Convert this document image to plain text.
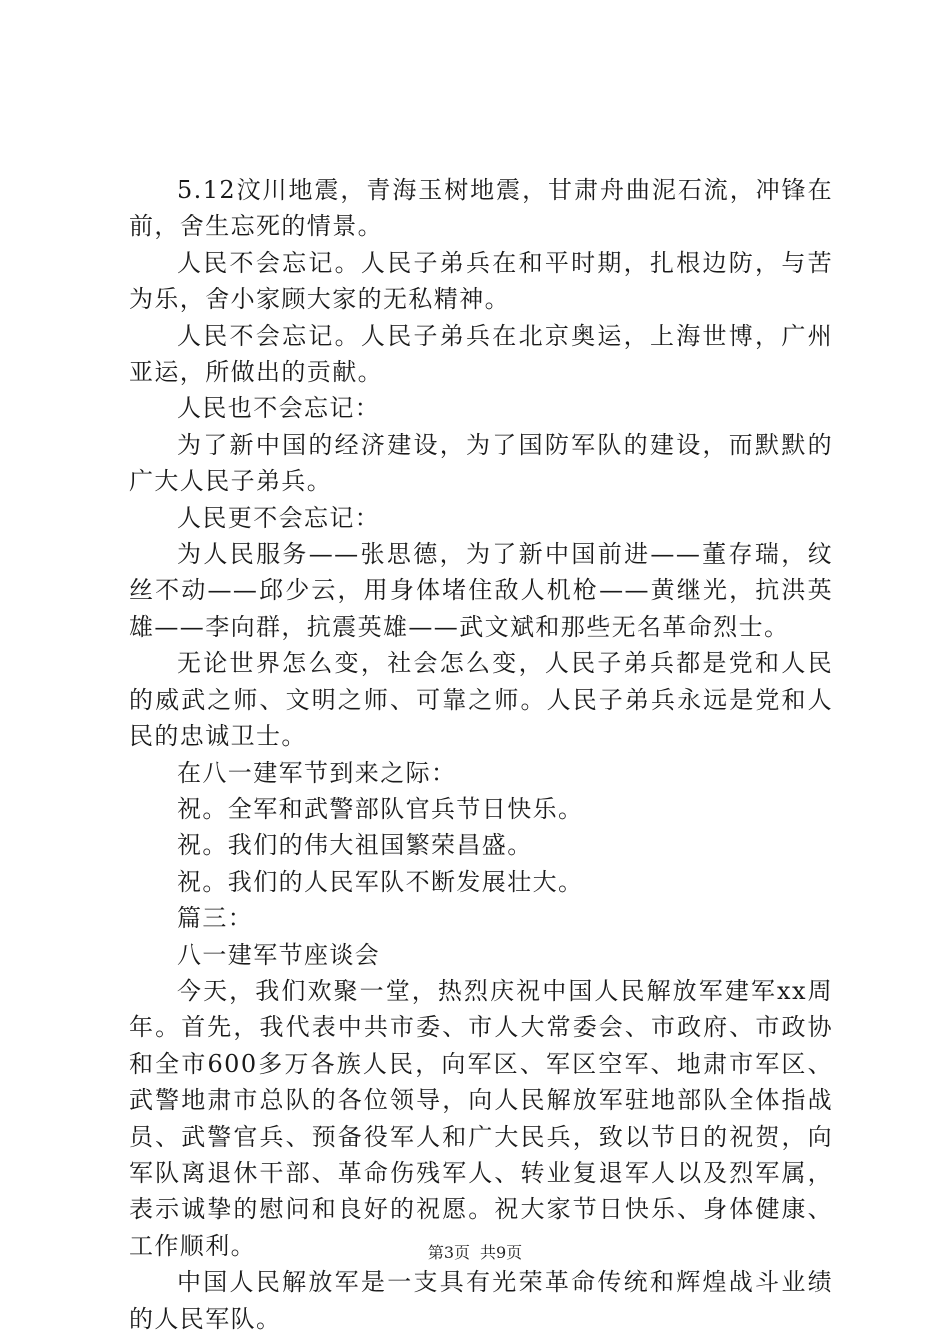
5.12汶川地震，青海玉树地震，甘肃舟曲泥石流，冲锋在前，舍生忘死的情景。

人民不会忘记。人民子弟兵在和平时期，扎根边防，与苦为乐，舍小家顾大家的无私精神。

人民不会忘记。人民子弟兵在北京奥运，上海世博，广州亚运，所做出的贡献。

人民也不会忘记：

为了新中国的经济建设，为了国防军队的建设，而默默的广大人民子弟兵。

人民更不会忘记：

为人民服务——张思德，为了新中国前进——董存瑞，纹丝不动——邱少云，用身体堵住敌人机枪——黄继光，抗洪英雄——李向群，抗震英雄——武文斌和那些无名革命烈士。

无论世界怎么变，社会怎么变，人民子弟兵都是党和人民的威武之师、文明之师、可靠之师。人民子弟兵永远是党和人民的忠诚卫士。

在八一建军节到来之际：

祝。全军和武警部队官兵节日快乐。

祝。我们的伟大祖国繁荣昌盛。

祝。我们的人民军队不断发展壮大。

篇三：

八一建军节座谈会

今天，我们欢聚一堂，热烈庆祝中国人民解放军建军xx周年。首先，我代表中共市委、市人大常委会、市政府、市政协和全市600多万各族人民，向军区、军区空军、地肃市军区、武警地肃市总队的各位领导，向人民解放军驻地部队全体指战员、武警官兵、预备役军人和广大民兵，致以节日的祝贺，向军队离退休干部、革命伤残军人、转业复退军人以及烈军属，表示诚挚的慰问和良好的祝愿。祝大家节日快乐、身体健康、工作顺利。

中国人民解放军是一支具有光荣革命传统和辉煌战斗业绩的人民军队。

第3页 共9页
